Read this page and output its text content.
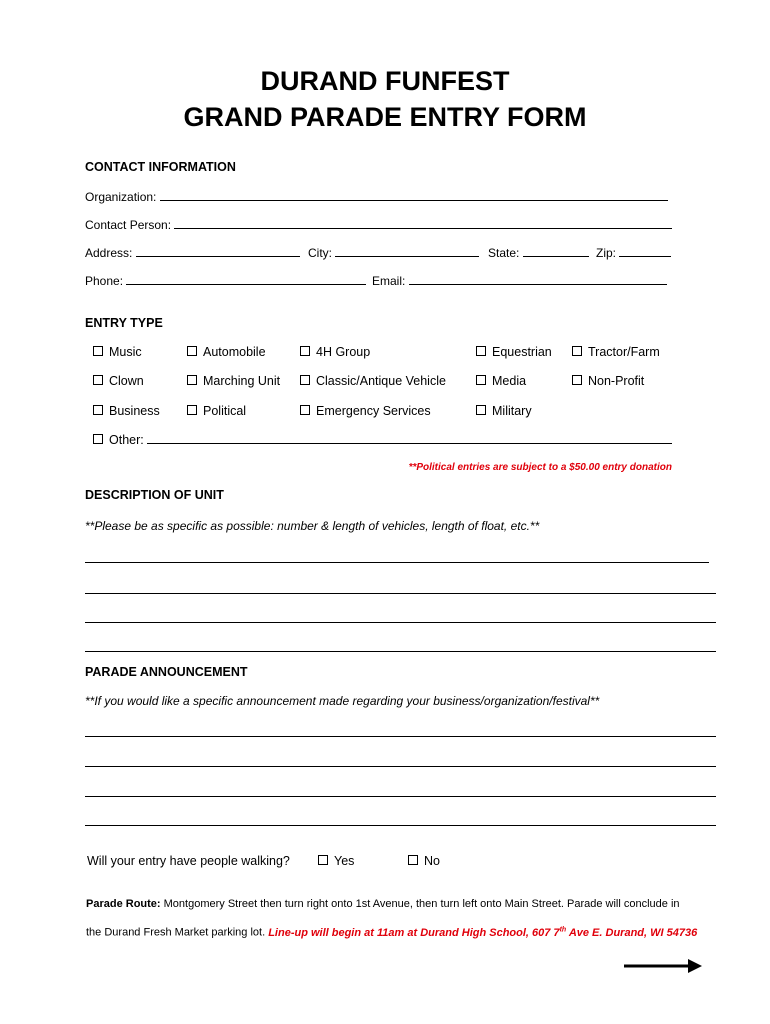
DURAND FUNFEST
GRAND PARADE ENTRY FORM
CONTACT INFORMATION
Organization:
Contact Person:
Address:	City:	State:	Zip:
Phone:	Email:
ENTRY TYPE
Music	Automobile	4H Group	Equestrian	Tractor/Farm
Clown	Marching Unit	Classic/Antique Vehicle	Media	Non-Profit
Business	Political	Emergency Services	Military
Other:
**Political entries are subject to a $50.00 entry donation
DESCRIPTION OF UNIT
**Please be as specific as possible: number & length of vehicles, length of float, etc.**
PARADE ANNOUNCEMENT
**If you would like a specific announcement made regarding your business/organization/festival**
Will your entry have people walking?	Yes	No
Parade Route: Montgomery Street then turn right onto 1st Avenue, then turn left onto Main Street. Parade will conclude in
the Durand Fresh Market parking lot. Line-up will begin at 11am at Durand High School, 607 7th Ave E. Durand, WI 54736
